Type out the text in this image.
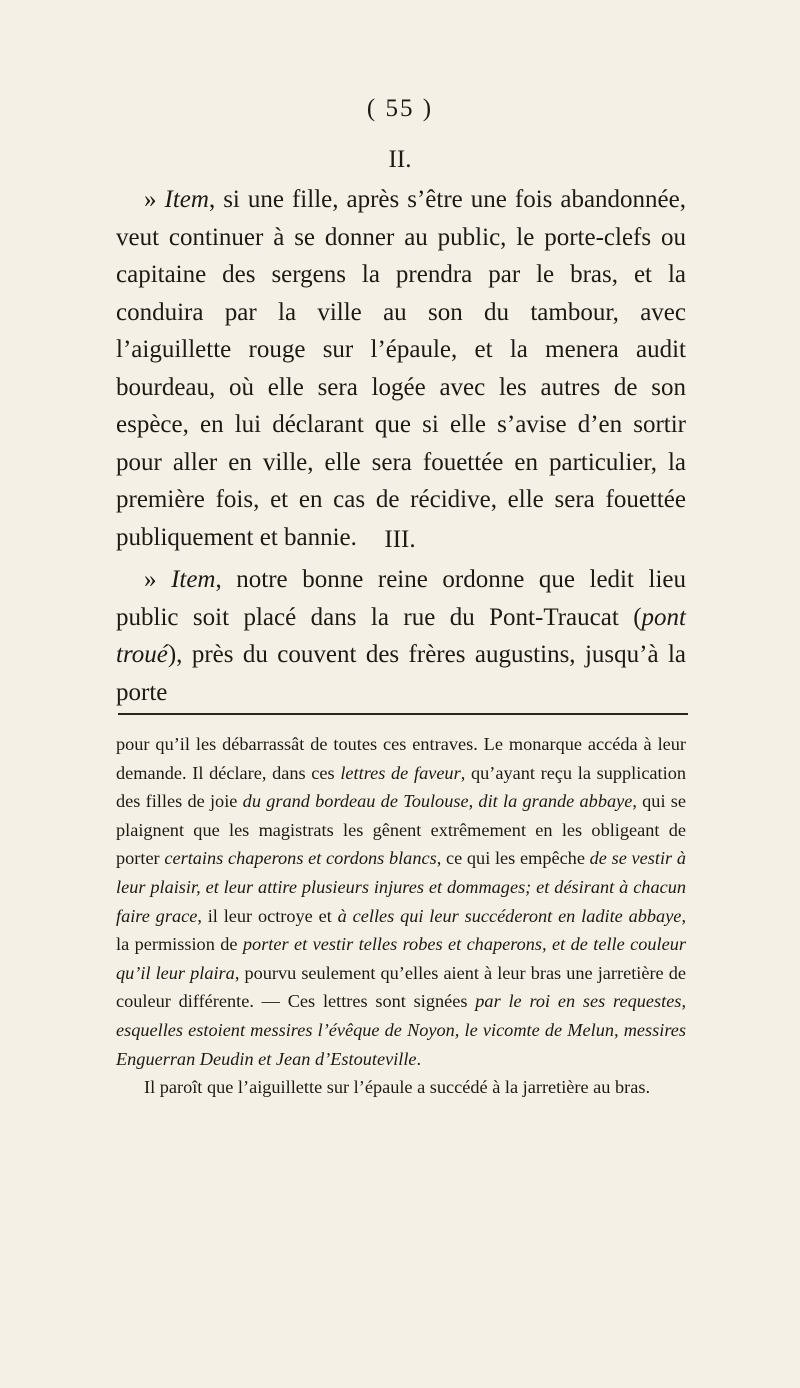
( 55 )
II.

» Item, si une fille, après s’être une fois abandonnée, veut continuer à se donner au public, le porte-clefs ou capitaine des sergens la prendra par le bras, et la conduira par la ville au son du tambour, avec l’aiguillette rouge sur l’épaule, et la menera audit bourdeau, où elle sera logée avec les autres de son espèce, en lui déclarant que si elle s’avise d’en sortir pour aller en ville, elle sera fouettée en particulier, la première fois, et en cas de récidive, elle sera fouettée publiquement et bannie.	III.

» Item, notre bonne reine ordonne que ledit lieu public soit placé dans la rue du Pont-Traucat (pont troué), près du couvent des frères augustins, jusqu’à la porte

pour qu’il les débarrassât de toutes ces entraves. Le monarque accéda à leur demande. Il déclare, dans ces lettres de faveur, qu’ayant reçu la supplication des filles de joie du grand bordeau de Toulouse, dit la grande abbaye, qui se plaignent que les magistrats les gênent extrêmement en les obligeant de porter certains chaperons et cordons blancs, ce qui les empêche de se vestir à leur plaisir, et leur attire plusieurs injures et dommages; et désirant à chacun faire grace, il leur octroye et à celles qui leur succéderont en ladite abbaye, la permission de porter et vestir telles robes et chaperons, et de telle couleur qu’il leur plaira, pourvu seulement qu’elles aient à leur bras une jarretière de couleur différente. — Ces lettres sont signées par le roi en ses requestes, esquelles estoient messires l’évêque de Noyon, le vicomte de Melun, messires Enguerran Deudin et Jean d’Estouteville.

Il paroît que l’aiguillette sur l’épaule a succédé à la jarretière au bras.
